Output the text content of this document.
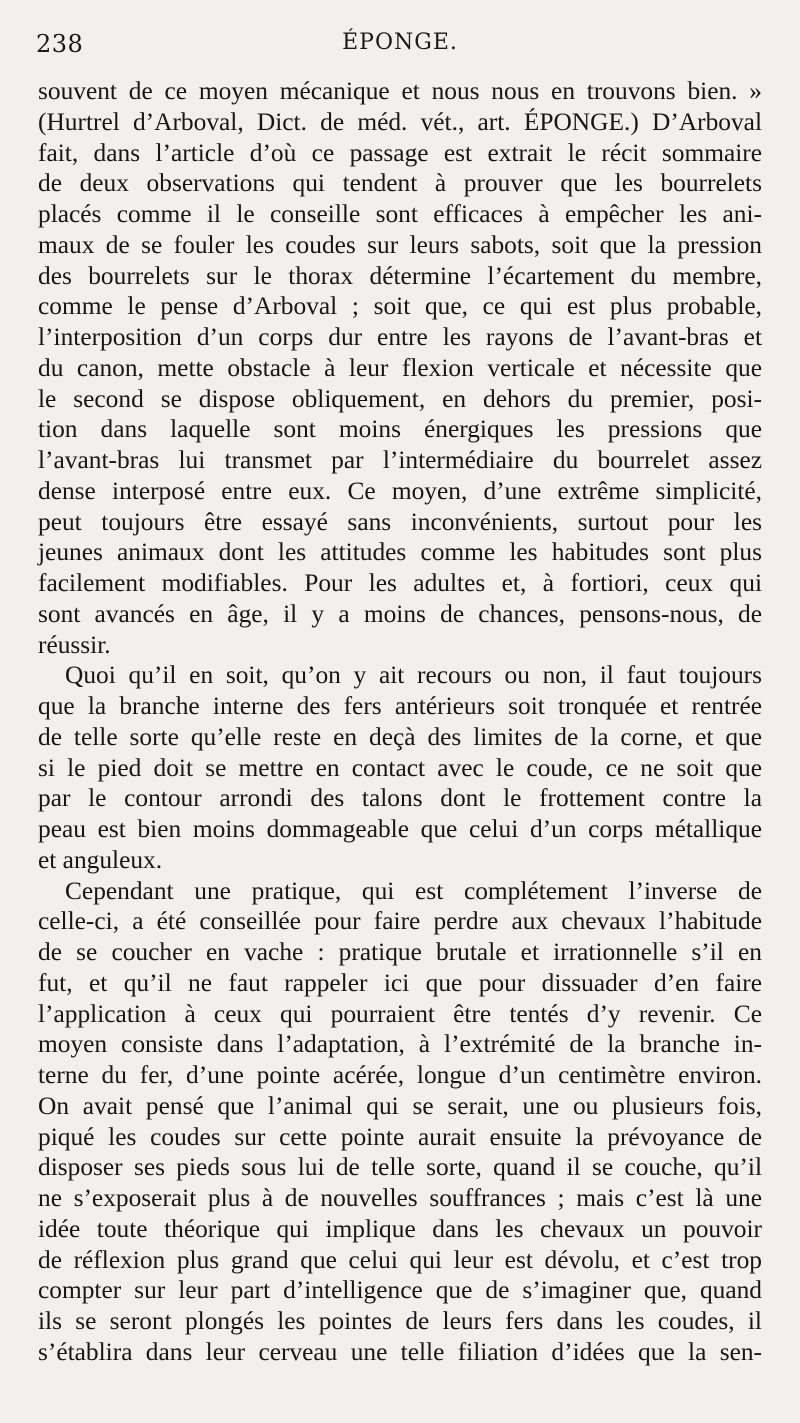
238	ÉPONGE.
souvent de ce moyen mécanique et nous nous en trouvons bien. »
(Hurtrel d’Arboval, Dict. de méd. vét., art. ÉPONGE.) D’Arboval
fait, dans l’article d’où ce passage est extrait le récit sommaire
de deux observations qui tendent à prouver que les bourrelets
placés comme il le conseille sont efficaces à empêcher les ani-
maux de se fouler les coudes sur leurs sabots, soit que la pression
des bourrelets sur le thorax détermine l’écartement du membre,
comme le pense d’Arboval ; soit que, ce qui est plus probable,
l’interposition d’un corps dur entre les rayons de l’avant-bras et
du canon, mette obstacle à leur flexion verticale et nécessite que
le second se dispose obliquement, en dehors du premier, posi-
tion dans laquelle sont moins énergiques les pressions que
l’avant-bras lui transmet par l’intermédiaire du bourrelet assez
dense interposé entre eux. Ce moyen, d’une extrême simplicité,
peut toujours être essayé sans inconvénients, surtout pour les
jeunes animaux dont les attitudes comme les habitudes sont plus
facilement modifiables. Pour les adultes et, à fortiori, ceux qui
sont avancés en âge, il y a moins de chances, pensons-nous, de
réussir.
Quoi qu’il en soit, qu’on y ait recours ou non, il faut toujours
que la branche interne des fers antérieurs soit tronquée et rentrée
de telle sorte qu’elle reste en deçà des limites de la corne, et que
si le pied doit se mettre en contact avec le coude, ce ne soit que
par le contour arrondi des talons dont le frottement contre la
peau est bien moins dommageable que celui d’un corps métallique
et anguleux.
Cependant une pratique, qui est complétement l’inverse de
celle-ci, a été conseillée pour faire perdre aux chevaux l’habitude
de se coucher en vache : pratique brutale et irrationnelle s’il en
fut, et qu’il ne faut rappeler ici que pour dissuader d’en faire
l’application à ceux qui pourraient être tentés d’y revenir. Ce
moyen consiste dans l’adaptation, à l’extrémité de la branche in-
terne du fer, d’une pointe acérée, longue d’un centimètre environ.
On avait pensé que l’animal qui se serait, une ou plusieurs fois,
piqué les coudes sur cette pointe aurait ensuite la prévoyance de
disposer ses pieds sous lui de telle sorte, quand il se couche, qu’il
ne s’exposerait plus à de nouvelles souffrances ; mais c’est là une
idée toute théorique qui implique dans les chevaux un pouvoir
de réflexion plus grand que celui qui leur est dévolu, et c’est trop
compter sur leur part d’intelligence que de s’imaginer que, quand
ils se seront plongés les pointes de leurs fers dans les coudes, il
s’établira dans leur cerveau une telle filiation d’idées que la sen-
